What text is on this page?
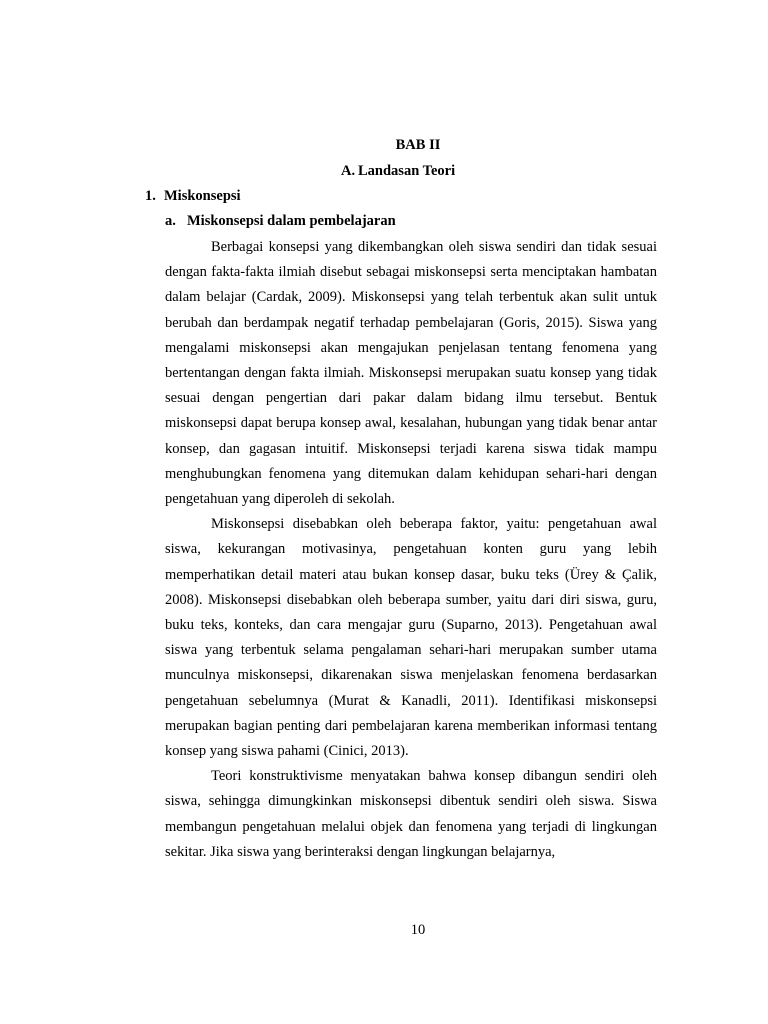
BAB II
A. Landasan Teori
1. Miskonsepsi
a. Miskonsepsi dalam pembelajaran

Berbagai konsepsi yang dikembangkan oleh siswa sendiri dan tidak sesuai dengan fakta-fakta ilmiah disebut sebagai miskonsepsi serta menciptakan hambatan dalam belajar (Cardak, 2009). Miskonsepsi yang telah terbentuk akan sulit untuk berubah dan berdampak negatif terhadap pembelajaran (Goris, 2015). Siswa yang mengalami miskonsepsi akan mengajukan penjelasan tentang fenomena yang bertentangan dengan fakta ilmiah. Miskonsepsi merupakan suatu konsep yang tidak sesuai dengan pengertian dari pakar dalam bidang ilmu tersebut. Bentuk miskonsepsi dapat berupa konsep awal, kesalahan, hubungan yang tidak benar antar konsep, dan gagasan intuitif. Miskonsepsi terjadi karena siswa tidak mampu menghubungkan fenomena yang ditemukan dalam kehidupan sehari-hari dengan pengetahuan yang diperoleh di sekolah.

Miskonsepsi disebabkan oleh beberapa faktor, yaitu: pengetahuan awal siswa, kekurangan motivasinya, pengetahuan konten guru yang lebih memperhatikan detail materi atau bukan konsep dasar, buku teks (Ürey & Çalik, 2008). Miskonsepsi disebabkan oleh beberapa sumber, yaitu dari diri siswa, guru, buku teks, konteks, dan cara mengajar guru (Suparno, 2013). Pengetahuan awal siswa yang terbentuk selama pengalaman sehari-hari merupakan sumber utama munculnya miskonsepsi, dikarenakan siswa menjelaskan fenomena berdasarkan pengetahuan sebelumnya (Murat & Kanadli, 2011). Identifikasi miskonsepsi merupakan bagian penting dari pembelajaran karena memberikan informasi tentang konsep yang siswa pahami (Cinici, 2013).

Teori konstruktivisme menyatakan bahwa konsep dibangun sendiri oleh siswa, sehingga dimungkinkan miskonsepsi dibentuk sendiri oleh siswa. Siswa membangun pengetahuan melalui objek dan fenomena yang terjadi di lingkungan sekitar. Jika siswa yang berinteraksi dengan lingkungan belajarnya,

10
